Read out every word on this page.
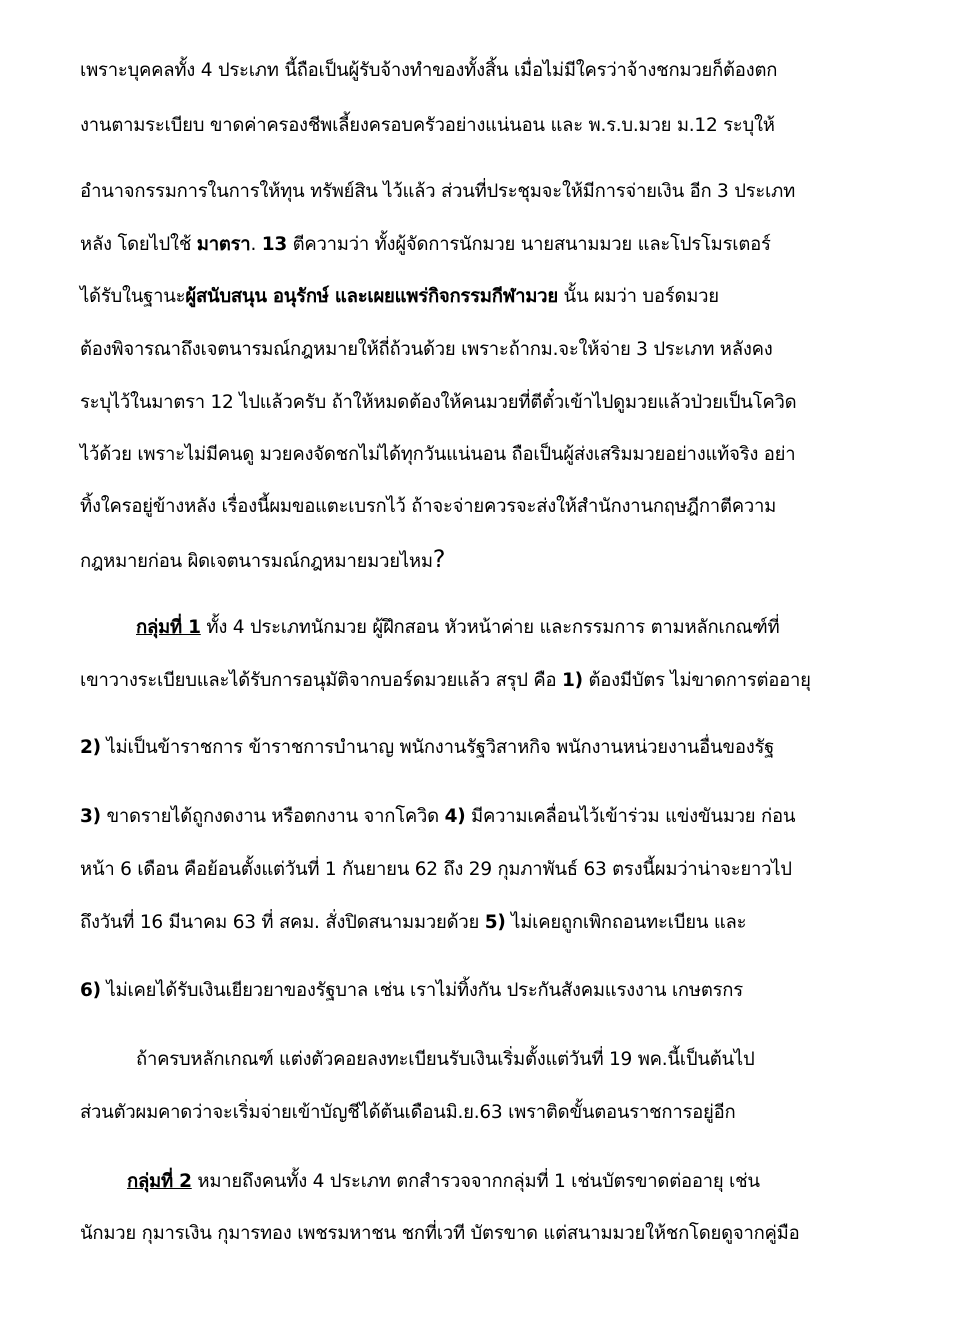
เพราะบุคคลทั้ง 4 ประเภท นี้ถือเป็นผู้รับจ้างทำของทั้งสิ้น เมื่อไม่มีใครว่าจ้างชกมวยก็ต้องตก
งานตามระเบียบ ขาดค่าครองชีพเลี้ยงครอบครัวอย่างแน่นอน และ พ.ร.บ.มวย ม.12 ระบุให้
อำนาจกรรมการในการให้ทุน ทรัพย์สิน ไว้แล้ว ส่วนที่ประชุมจะให้มีการจ่ายเงิน อีก 3 ประเภท
หลัง โดยไปใช้ มาตรา. 13 ตีความว่า ทั้งผู้จัดการนักมวย นายสนามมวย และโปรโมรเตอร์
ได้รับในฐานะผู้สนับสนุน อนุรักษ์ และเผยแพร่กิจกรรมกีฬามวย นั้น ผมว่า บอร์ดมวย
ต้องพิจารณาถึงเจตนารมณ์กฎหมายให้ถี่ถ้วนด้วย เพราะถ้ากม.จะให้จ่าย 3 ประเภท หลังคง
ระบุไว้ในมาตรา 12 ไปแล้วครับ ถ้าให้หมดต้องให้คนมวยที่ตีตั๋วเข้าไปดูมวยแล้วป่วยเป็นโควิด
ไว้ด้วย เพราะไม่มีคนดู มวยคงจัดชกไม่ได้ทุกวันแน่นอน ถือเป็นผู้ส่งเสริมมวยอย่างแท้จริง อย่า
ทิ้งใครอยู่ข้างหลัง เรื่องนี้ผมขอแตะเบรกไว้ ถ้าจะจ่ายควรจะส่งให้สำนักงานกฤษฎีกาตีความ
กฎหมายก่อน ผิดเจตนารมณ์กฎหมายมวยไหม?
กลุ่มที่ 1 ทั้ง 4 ประเภทนักมวย ผู้ฝึกสอน หัวหน้าค่าย และกรรมการ ตามหลักเกณฑ์ที่
เขาวางระเบียบและได้รับการอนุมัติจากบอร์ดมวยแล้ว สรุป คือ 1) ต้องมีบัตร ไม่ขาดการต่ออายุ
2) ไม่เป็นข้าราชการ ข้าราชการบำนาญ พนักงานรัฐวิสาหกิจ พนักงานหน่วยงานอื่นของรัฐ
3) ขาดรายได้ถูกงดงาน หรือตกงาน จากโควิด 4) มีความเคลื่อนไว้เข้าร่วม แข่งขันมวย ก่อน
หน้า 6 เดือน คือย้อนตั้งแต่วันที่ 1 กันยายน 62 ถึง 29 กุมภาพันธ์ 63 ตรงนี้ผมว่าน่าจะยาวไป
ถึงวันที่ 16 มีนาคม 63 ที่ สคม. สั่งปิดสนามมวยด้วย 5) ไม่เคยถูกเพิกถอนทะเบียน และ
6) ไม่เคยได้รับเงินเยียวยาของรัฐบาล เช่น เราไม่ทิ้งกัน ประกันสังคมแรงงาน เกษตรกร
ถ้าครบหลักเกณฑ์ แต่งตัวคอยลงทะเบียนรับเงินเริ่มตั้งแต่วันที่ 19 พค.นี้เป็นต้นไป
ส่วนตัวผมคาดว่าจะเริ่มจ่ายเข้าบัญชีได้ต้นเดือนมิ.ย.63 เพราติดขั้นตอนราชการอยู่อีก
กลุ่มที่ 2 หมายถึงคนทั้ง 4 ประเภท ตกสำรวจจากกลุ่มที่ 1 เช่นบัตรขาดต่ออายุ เช่น
นักมวย กุมารเงิน กุมารทอง เพชรมหาชน ชกที่เวที บัตรขาด แต่สนามมวยให้ชกโดยดูจากคู่มือ
